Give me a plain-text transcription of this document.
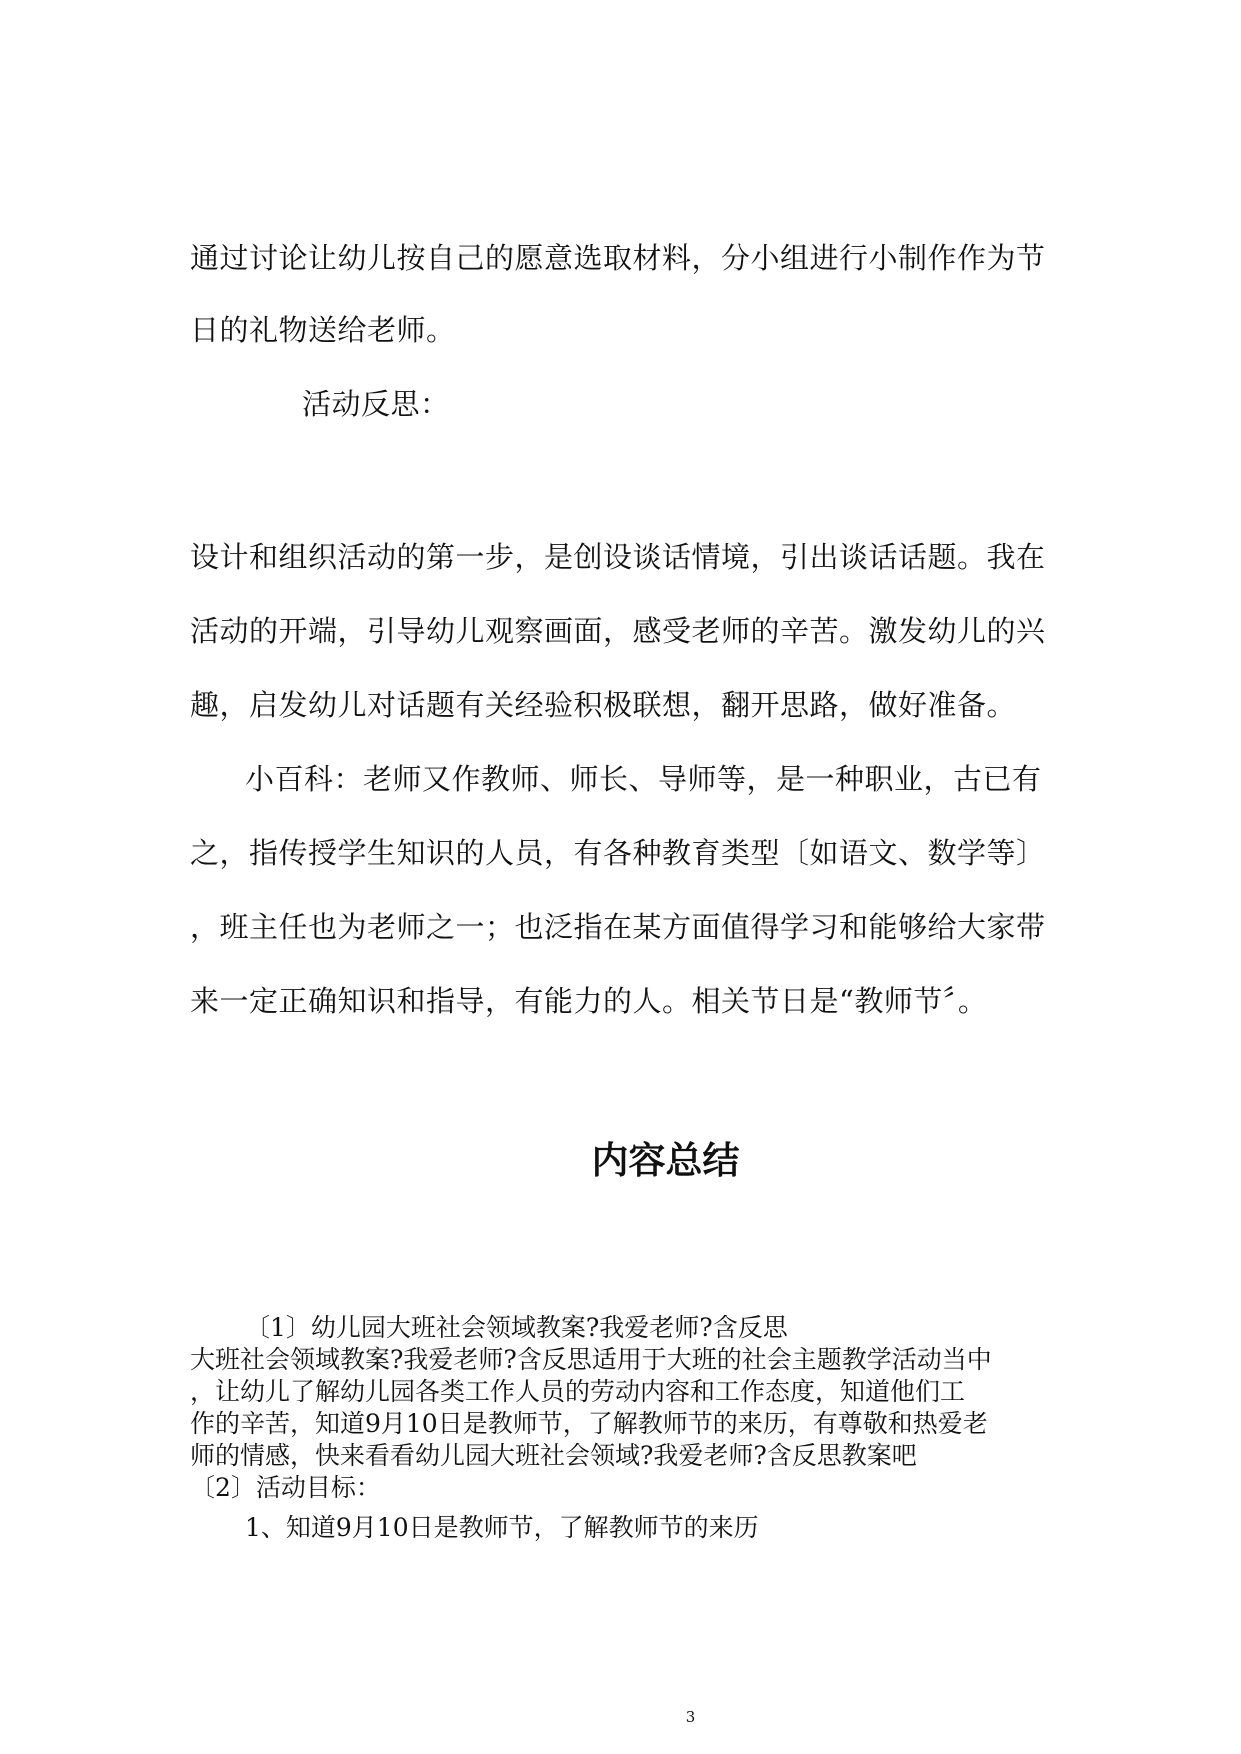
通过讨论让幼儿按自己的愿意选取材料，分小组进行小制作作为节
日的礼物送给老师。
活动反思：
设计和组织活动的第一步，是创设谈话情境，引出谈话话题。我在
活动的开端，引导幼儿观察画面，感受老师的辛苦。激发幼儿的兴
趣，启发幼儿对话题有关经验积极联想，翻开思路，做好准备。
小百科：老师又作教师、师长、导师等，是一种职业，古已有
之，指传授学生知识的人员，有各种教育类型〔如语文、数学等〕
，班主任也为老师之一；也泛指在某方面值得学习和能够给大家带
来一定正确知识和指导，有能力的人。相关节日是“教师节〞。
内容总结
〔1〕幼儿园大班社会领域教案?我爱老师?含反思
大班社会领域教案?我爱老师?含反思适用于大班的社会主题教学活动当中
，让幼儿了解幼儿园各类工作人员的劳动内容和工作态度，知道他们工
作的辛苦，知道9月10日是教师节，了解教师节的来历，有尊敬和热爱老
师的情感，快来看看幼儿园大班社会领域?我爱老师?含反思教案吧
〔2〕活动目标：
1、知道9月10日是教师节，了解教师节的来历
3
